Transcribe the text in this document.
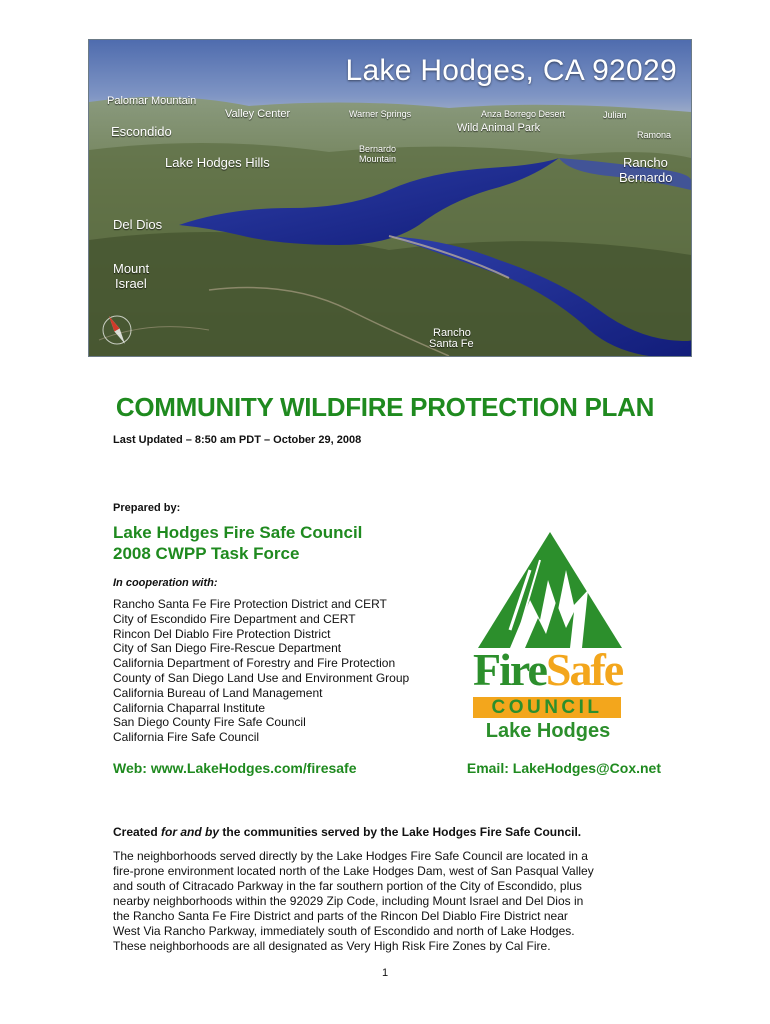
Lake Hodges, CA 92029
Palomar Mountain
Valley Center	Warner Springs	Anza Borrego Desert	Julian
Escondido	Wild Animal Park
Ramona
Bernardo
Mountain
Lake Hodges Hills	Rancho
Bernardo
Del Dios
Mount
Israel
Rancho
Santa Fe
COMMUNITY WILDFIRE PROTECTION PLAN
Last Updated – 8:50 am PDT – October 29, 2008
Prepared by:
Lake Hodges Fire Safe Council
2008 CWPP Task Force
In cooperation with:
Rancho Santa Fe Fire Protection District and CERT
City of Escondido Fire Department and CERT
Rincon Del Diablo Fire Protection District
City of San Diego Fire-Rescue Department
California Department of Forestry and Fire Protection
County of San Diego Land Use and Environment Group
California Bureau of Land Management
California Chaparral Institute
San Diego County Fire Safe Council
California Fire Safe Council
FireSafe
COUNCIL
Lake Hodges
Web: www.LakeHodges.com/firesafe	Email: LakeHodges@Cox.net
Created for and by the communities served by the Lake Hodges Fire Safe Council.
The neighborhoods served directly by the Lake Hodges Fire Safe Council are located in a
fire-prone environment located north of the Lake Hodges Dam, west of San Pasqual Valley
and south of Citracado Parkway in the far southern portion of the City of Escondido, plus
nearby neighborhoods within the 92029 Zip Code, including Mount Israel and Del Dios in
the Rancho Santa Fe Fire District and parts of the Rincon Del Diablo Fire District near
West Via Rancho Parkway, immediately south of Escondido and north of Lake Hodges.
These neighborhoods are all designated as Very High Risk Fire Zones by Cal Fire.
1
